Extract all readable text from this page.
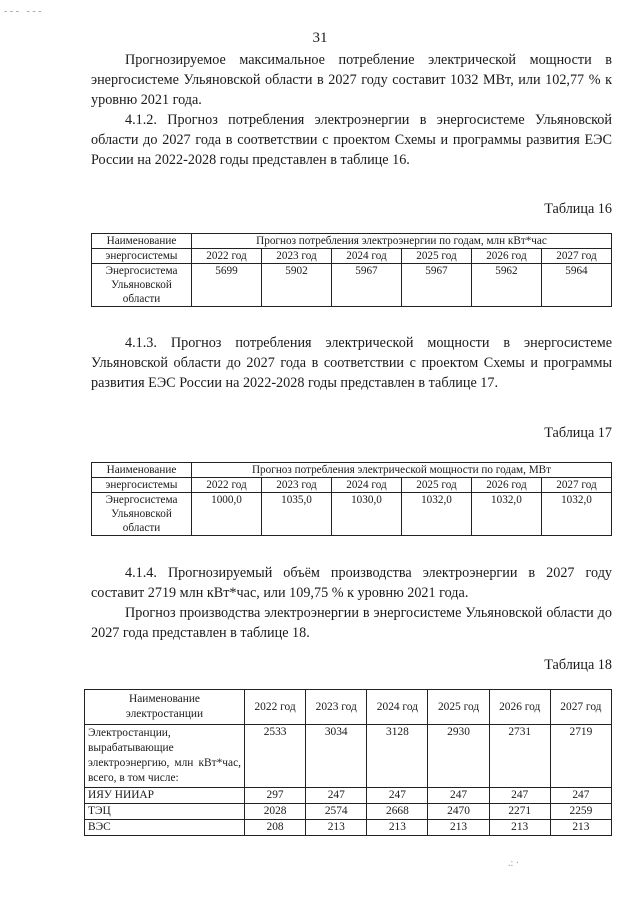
- - -   - - -
31
Прогнозируемое максимальное потребление электрической мощности в энергосистеме Ульяновской области в 2027 году составит 1032 МВт, или 102,77 % к уровню 2021 года.
4.1.2. Прогноз потребления электроэнергии в энергосистеме Ульяновской области до 2027 года в соответствии с проектом Схемы и программы развития ЕЭС России на 2022-2028 годы представлен в таблице 16.
Таблица 16
Наименование	Прогноз потребления электроэнергии по годам, млн кВт*час					
энергосистемы	2022 год	2023 год	2024 год	2025 год	2026 год	2027 год

Энергосистема
Ульяновской
области	5699	5902	5967	5967	5962	5964
4.1.3. Прогноз потребления электрической мощности в энергосистеме Ульяновской области до 2027 года в соответствии с проектом Схемы и программы развития ЕЭС России на 2022-2028 годы представлен в таблице 17.
Таблица 17
Наименование	Прогноз потребления электрической мощности по годам, МВт					
энергосистемы	2022 год	2023 год	2024 год	2025 год	2026 год	2027 год

Энергосистема
Ульяновской
области	1000,0	1035,0	1030,0	1032,0	1032,0	1032,0
4.1.4. Прогнозируемый объём производства электроэнергии в 2027 году составит 2719 млн кВт*час, или 109,75 % к уровню 2021 года.
Прогноз производства электроэнергии в энергосистеме Ульяновской области до 2027 года представлен в таблице 18.
Таблица 18
Наименование
электростанции	2022 год	2023 год	2024 год	2025 год	2026 год	2027 год
Электростанции, вырабатывающие электроэнергию, млн кВт*час, всего, в том числе:	2533	3034	3128	2930	2731	2719
ИЯУ НИИАР	297	247	247	247	247	247
ТЭЦ	2028	2574	2668	2470	2271	2259
ВЭС	208	213	213	213	213	213
.: ·
